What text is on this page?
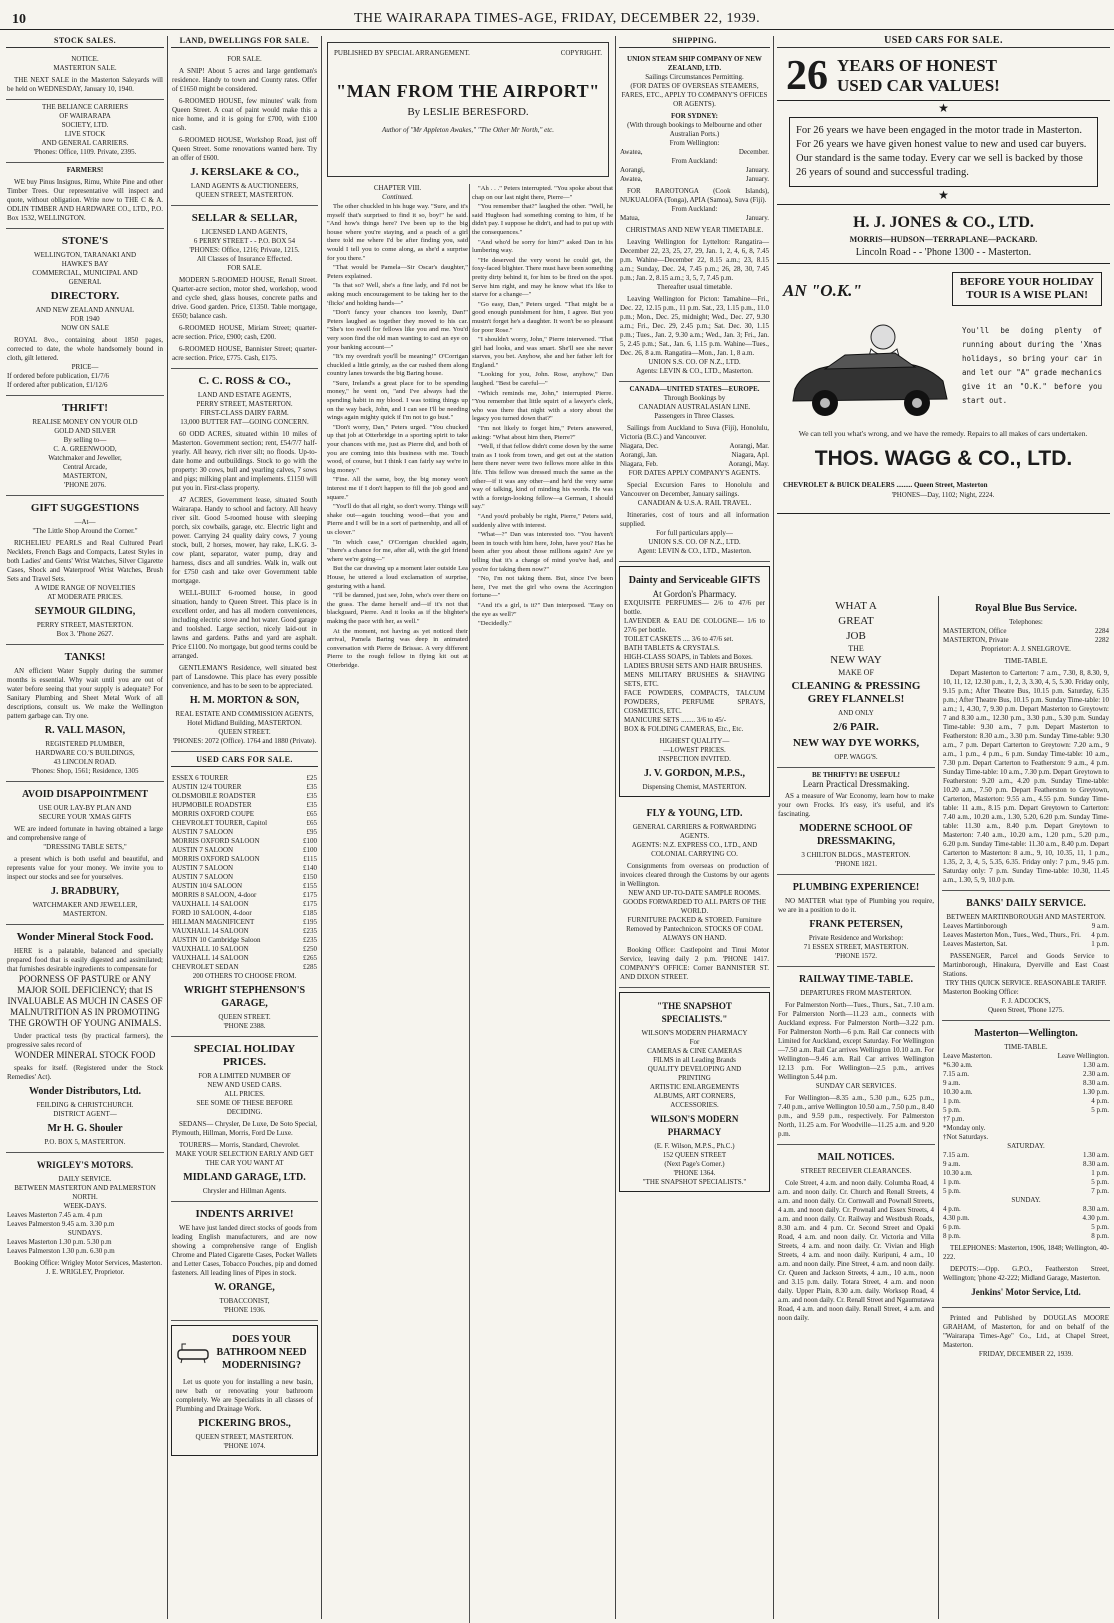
10	THE WAIRARAPA TIMES-AGE, FRIDAY, DECEMBER 22, 1939.
STOCK SALES.
NOTICE.
MASTERTON SALE.
THE NEXT SALE in the Masterton Saleyards will be held on WEDNESDAY, January 10, 1940.
THE BELIANCE CARRIERS
OF WAIRARAPA
SOCIETY, LTD.
LIVE STOCK
AND GENERAL CARRIERS.
'Phones: Office, 1109. Private, 2395.
FARMERS!
WE buy Pinus Insignus, Rimu, White Pine and other Timber Trees. Our representative will inspect and quote, without obligation. Write now to THE C & A. ODLIN TIMBER AND HARDWARE CO., LTD., P.O. Box 1532, WELLINGTON.
STONE'S
WELLINGTON, TARANAKI AND
HAWKE'S BAY
COMMERCIAL, MUNICIPAL AND
GENERAL
DIRECTORY.
AND NEW ZEALAND ANNUAL
FOR 1940
NOW ON SALE
ROYAL 8vo., containing about 1850 pages, corrected to date, the whole handsomely bound in cloth, gilt lettered.
PRICE—
If ordered before publication, £1/7/6
If ordered after publication, £1/12/6
THRIFT!
REALISE MONEY ON YOUR OLD
GOLD AND SILVER
By selling to—
C. A. GREENWOOD,
Watchmaker and Jeweller,
Central Arcade,
MASTERTON,
'PHONE 2076.
GIFT SUGGESTIONS
—At—
"The Little Shop Around the Corner."
RICHELIEU PEARLS and Real Cultured Pearl Necklets, French Bags and Compacts, Latest Styles in both Ladies' and Gents' Wrist Watches, Silver Cigarette Cases, Shock and Waterproof Wrist Watches, Brush Sets and Travel Sets.
A WIDE RANGE OF NOVELTIES
AT MODERATE PRICES.
SEYMOUR GILDING,
PERRY STREET, MASTERTON.
Box 3. 'Phone 2627.
TANKS!
AN efficient Water Supply during the summer months is essential. Why wait until you are out of water before seeing that your supply is adequate? For Sanitary Plumbing and Sheet Metal Work of all descriptions, consult us. We make the Wellington pattern garbage can. Try one.
R. VALL MASON,
REGISTERED PLUMBER,
HARDWARE CO.'S BUILDINGS,
43 LINCOLN ROAD.
'Phones: Shop, 1561; Residence, 1305
AVOID DISAPPOINTMENT
USE OUR LAY-BY PLAN AND
SECURE YOUR 'XMAS GIFTS
WE are indeed fortunate in having obtained a large and comprehensive range of
"DRESSING TABLE SETS,"
a present which is both useful and beautiful, and represents value for your money. We invite you to inspect our stocks and see for yourselves.
J. BRADBURY,
WATCHMAKER AND JEWELLER,
MASTERTON.
Wonder Mineral Stock Food.
HERE is a palatable, balanced and specially prepared food that is easily digested and assimilated; that furnishes desirable ingredients to compensate for
POORNESS OF PASTURE or ANY MAJOR SOIL DEFICIENCY; that IS INVALUABLE AS MUCH IN CASES OF MALNUTRITION AS IN PROMOTING THE GROWTH OF YOUNG ANIMALS.
Under practical tests (by practical farmers), the progressive sales record of
WONDER MINERAL STOCK FOOD
speaks for itself. (Registered under the Stock Remedies' Act).
Wonder Distributors, Ltd.
FEILDING & CHRISTCHURCH.
DISTRICT AGENT—
Mr H. G. Shouler
P.O. BOX 5, MASTERTON.
WRIGLEY'S MOTORS.
DAILY SERVICE.
BETWEEN MASTERTON AND PALMERSTON NORTH.
WEEK-DAYS.
Leaves Masterton 7.45 a.m. 4 p.m
Leaves Palmerston 9.45 a.m. 3.30 p.m
SUNDAYS.
Leaves Masterton 1.30 p.m. 5.30 p.m
Leaves Palmerston 1.30 p.m. 6.30 p.m
Booking Office: Wrigley Motor Services, Masterton.
J. E. WRIGLEY, Proprietor.
LAND, DWELLINGS FOR SALE.
FOR SALE.
A SNIP! About 5 acres and large gentleman's residence. Handy to town and County rates. Offer of £1650 might be considered.
6-ROOMED HOUSE, few minutes' walk from Queen Street. A coat of paint would make this a nice home, and it is going for £700, with £100 cash.
6-ROOMED HOUSE, Workshop Road, just off Queen Street. Some renovations wanted here. Try an offer of £600.
J. KERSLAKE & CO.,
LAND AGENTS & AUCTIONEERS,
QUEEN STREET, MASTERTON.
SELLAR & SELLAR,
LICENSED LAND AGENTS,
6 PERRY STREET - - P.O. BOX 54
'PHONES: Office, 1216; Private, 1215.
All Classes of Insurance Effected.
FOR SALE.
MODERN 5-ROOMED HOUSE, Renall Street. Quarter-acre section, motor shed, workshop, wood and cycle shed, glass houses, concrete paths and drive. Good garden. Price, £1350. Table mortgage, £650; balance cash.
6-ROOMED HOUSE, Miriam Street; quarter-acre section. Price, £900; cash, £200.
6-ROOMED HOUSE, Bannister Street; quarter-acre section. Price, £775. Cash, £175.
C. C. ROSS & CO.,
LAND AND ESTATE AGENTS,
PERRY STREET, MASTERTON.
FIRST-CLASS DAIRY FARM.
13,000 BUTTER FAT—GOING CONCERN.
60 ODD ACRES, situated within 10 miles of Masterton. Government section; rent, £54/7/7 half-yearly. All heavy, rich river silt; no floods. Up-to-date home and outbuildings. Stock to go with the property: 30 cows, bull and yearling calves, 7 sows and pigs; milking plant and implements. £1150 will put you in. First-class property.
47 ACRES, Government lease, situated South Wairarapa. Handy to school and factory. All heavy river silt. Good 5-roomed house with sleeping porch, six cowbails, garage, etc. Electric light and power. Carrying 24 quality dairy cows, 7 young stock, bull, 2 horses, mower, hay rake, L.K.G. 3-cow plant, separator, water pump, dray and harness, discs and all sundries. Walk in, walk out for £750 cash and take over Government table mortgage.
WELL-BUILT 6-roomed house, in good situation, handy to Queen Street. This place is in excellent order, and has all modern conveniences, including electric stove and hot water. Good garage and toolshed. Large section, nicely laid-out in lawns and gardens. Paths and yard are asphalt. Price £1100. No mortgage, but good terms could be arranged.
GENTLEMAN'S Residence, well situated best part of Lansdowne. This place has every possible convenience, and has to be seen to be appreciated.
H. M. MORTON & SON,
REAL ESTATE AND COMMISSION AGENTS,
Hotel Midland Building, MASTERTON.
QUEEN STREET.
'PHONES: 2072 (Office). 1764 and 1880 (Private).
USED CARS FOR SALE.
ESSEX 6 TOURER	£25
AUSTIN 12/4 TOURER	£35
OLDSMOBILE ROADSTER	£35
HUPMOBILE ROADSTER	£35
MORRIS OXFORD COUPE	£65
CHEVROLET TOURER, Capitol	£65
AUSTIN 7 SALOON	£95
MORRIS OXFORD SALOON	£100
AUSTIN 7 SALOON	£100
MORRIS OXFORD SALOON	£115
AUSTIN 7 SALOON	£140
AUSTIN 7 SALOON	£150
AUSTIN 10/4 SALOON	£155
MORRIS 8 SALOON, 4-door	£175
VAUXHALL 14 SALOON	£175
FORD 10 SALOON, 4-door	£185
HILLMAN MAGNIFICENT	£195
VAUXHALL 14 SALOON	£235
AUSTIN 10 Cambridge Saloon	£235
VAUXHALL 10 SALOON	£250
VAUXHALL 14 SALOON	£265
CHEVROLET SEDAN	£285
200 OTHERS TO CHOOSE FROM.
WRIGHT STEPHENSON'S GARAGE,
QUEEN STREET.
'PHONE 2388.
SPECIAL HOLIDAY PRICES.
FOR A LIMITED NUMBER OF
NEW AND USED CARS.
ALL PRICES.
SEE SOME OF THESE BEFORE
DECIDING.
SEDANS— Chrysler, De Luxe, De Soto Special, Plymouth, Hillman, Morris, Ford De Luxe.
TOURERS— Morris, Standard, Chevrolet.
MAKE YOUR SELECTION EARLY AND GET THE CAR YOU WANT AT
MIDLAND GARAGE, LTD.
Chrysler and Hillman Agents.
INDENTS ARRIVE!
WE have just landed direct stocks of goods from leading English manufacturers, and are now showing a comprehensive range of English Chrome and Plated Cigarette Cases, Pocket Wallets and Letter Cases, Tobacco Pouches, pip and domed fasteners. All leading lines of Pipes in stock.
W. ORANGE,
TOBACCONIST,
'PHONE 1936.
DOES YOUR BATHROOM NEED MODERNISING?
Let us quote you for installing a new basin, new bath or renovating your bathroom completely. We are Specialists in all classes of Plumbing and Drainage Work.
PICKERING BROS.,
QUEEN STREET, MASTERTON.
'PHONE 1074.
PUBLISHED BY SPECIAL ARRANGEMENT.	COPYRIGHT.
"MAN FROM THE AIRPORT"
By LESLIE BERESFORD.
Author of "Mr Appleton Awakes," "The Other Mr North," etc.
CHAPTER VIII.
Continued.
The other chuckled in his huge way. "Sure, and it's myself that's surprised to find it so, boy!" he said. "And how's things here? I've been up to the big house where you're staying, and a peach of a girl there told me where I'd be after finding you, said would I tell you to come along, as she'd a surprise for you there."
"That would be Pamela—Sir Oscar's daughter," Peters explained.
"Is that so? Well, she's a fine lady, and I'd not be asking much encouragement to be taking her to the 'flicks' and holding hands—"
"Don't fancy your chances too keenly, Dan!" Peters laughed as together they moved to his car. "She's too swell for fellows like you and me. You'd very soon find the old man wanting to cast an eye on your banking account—"
"It's my overdraft you'll be meaning!" O'Corrigan chuckled a little grimly, as the car rushed them along country lanes towards the big Baring house.
"Sure, Ireland's a great place for to be spending money," he went on, "and I've always had the spending habit in my blood. I was totting things up on the way back, John, and I can see I'll be needing wings again mighty quick if I'm not to go bust."
"Don't worry, Dan," Peters urged. "You chucked up that job at Otterbridge in a sporting spirit to take your chances with me, just as Pierre did, and both of you are coming into this business with me. Touch wood, of course, but I think I can fairly say we're in big money."
"Fine. All the same, boy, the big money won't interest me if I don't happen to fill the job good and square."
"You'll do that all right, so don't worry. Things will shake out—again touching wood—that you and Pierre and I will be in a sort of partnership, and all of us clover."
"In which case," O'Corrigan chuckled again, "there's a chance for me, after all, with the girl friend where we're going—"
But the car drawing up a moment later outside Lea House, he uttered a loud exclamation of surprise, gesturing with a hand.
"I'll be damned, just see, John, who's over there on the grass. The dame herself and—if it's not that blackguard, Pierre. And it looks as if the blighter's making the pace with her, as well."
At the moment, not having as yet noticed their arrival, Pamela Baring was deep in animated conversation with Pierre de Brissac. A very different Pierre to the rough fellow in flying kit out at Otterbridge.
"Ah . . ." Peters interrupted. "You spoke about that chap on our last night there, Pierre—"
"You remember that?" laughed the other. "Well, he said Hughson had something coming to him, if he didn't pay. I suppose he didn't, and had to put up with the consequences."
"And who'd be sorry for him?" asked Dan in his lumbering way.
"He deserved the very worst he could get, the foxy-faced blighter. There must have been something pretty dirty behind it, for him to be fired on the spot. Serve him right, and may he know what it's like to starve for a change—"
"Go easy, Dan," Peters urged. "That might be a good enough punishment for him, I agree. But you mustn't forget he's a daughter. It won't be so pleasant for poor Rose."
"I shouldn't worry, John," Pierre intervened. "That girl had looks, and was smart. She'll see she never starves, you bet. Anyhow, she and her father left for England."
"Looking for you, John. Rose, anyhow," Dan laughed. "Best be careful—"
"Which reminds me, John," interrupted Pierre. "You remember that little squirt of a lawyer's clerk, who was there that night with a story about the legacy you turned down that?"
"I'm not likely to forget him," Peters answered, asking: "What about him then, Pierre?"
"Well, if that fellow didn't come down by the same train as I took from town, and get out at the station here there never were two fellows more alike in this life. This fellow was dressed much the same as the other—if it was any other—and he'd the very same way of talking, kind of minding his words. He was with a foreign-looking fellow—a German, I should say."
"And you'd probably be right, Pierre," Peters said, suddenly alive with interest.
"What—?" Dan was interested too. "You haven't been in touch with him here, John, have you? Has he been after you about those millions again? Are ye telling that it's a change of mind you've had, and you're for taking them now?"
"No, I'm not taking them. But, since I've been here, I've met the girl who owns the Accrington fortune—"
"And it's a girl, is it?" Dan interposed. "Easy on the eye as well?"
"Decidedly."
SHIPPING.
UNION STEAM SHIP COMPANY OF NEW ZEALAND, LTD.
Sailings Circumstances Permitting.
(FOR DATES OF OVERSEAS STEAMERS, FARES, ETC., APPLY TO COMPANY'S OFFICES OR AGENTS).
FOR SYDNEY:
(With through bookings to Melbourne and other Australian Ports.)
From Wellington:
Awatea,	December.
From Auckland:
Aorangi,	January.
Awatea,	January.
FOR RAROTONGA (Cook Islands), NUKUALOFA (Tonga), APIA (Samoa), Suva (Fiji).
From Auckland:
Matua,	January.
CHRISTMAS AND NEW YEAR TIMETABLE.
Leaving Wellington for Lyttelton: Rangatira—December 22, 23, 25, 27, 29, Jan. 1, 2, 4, 6, 8, 7.45 p.m. Wahine—December 22, 8.15 a.m.; 23, 8.15 a.m.; Sunday, Dec. 24, 7.45 p.m.; 26, 28, 30, 7.45 p.m.; Jan. 2, 8.15 a.m.; 3, 5, 7, 7.45 p.m.
Thereafter usual timetable.
Leaving Wellington for Picton: Tamahine—Fri., Dec. 22, 12.15 p.m., 11 p.m. Sat., 23, 1.15 p.m., 11.0 p.m.; Mon., Dec. 25, midnight; Wed., Dec. 27, 9.30 a.m.; Fri., Dec. 29, 2.45 p.m.; Sat. Dec. 30, 1.15 p.m.; Tues., Jan. 2, 9.30 a.m.; Wed., Jan. 3; Fri., Jan. 5, 2.45 p.m.; Sat., Jan. 6, 1.15 p.m. Wahine—Tues., Dec. 26, 8 a.m. Rangatira—Mon., Jan. 1, 8 a.m.
UNION S.S. CO. OF N.Z., LTD.
Agents: LEVIN & CO., LTD., Masterton.
CANADA—UNITED STATES—EUROPE.
Through Bookings by
CANADIAN AUSTRALASIAN LINE.
Passengers in Three Classes.
Sailings from Auckland to Suva (Fiji), Honolulu, Victoria (B.C.) and Vancouver.
Niagara, Dec.	Aorangi, Mar.
Aorangi, Jan.	Niagara, Apl.
Niagara, Feb.	Aorangi, May.
FOR DATES APPLY COMPANY'S AGENTS.
Special Excursion Fares to Honolulu and Vancouver on December, January sailings.
CANADIAN & U.S.A. RAIL TRAVEL.
Itineraries, cost of tours and all information supplied.
For full particulars apply—
UNION S.S. CO. OF N.Z., LTD.
Agent: LEVIN & CO., LTD., Masterton.
Dainty and Serviceable GIFTS
At Gordon's Pharmacy.
EXQUISITE PERFUMES— 2/6 to 47/6 per bottle.
LAVENDER & EAU DE COLOGNE— 1/6 to 27/6 per bottle.
TOILET CASKETS .... 3/6 to 47/6 set.
BATH TABLETS & CRYSTALS.
HIGH-CLASS SOAPS, in Tablets and Boxes.
LADIES BRUSH SETS AND HAIR BRUSHES.
MENS MILITARY BRUSHES & SHAVING SETS, ETC.
FACE POWDERS, COMPACTS, TALCUM POWDERS, PERFUME SPRAYS, COSMETICS, ETC.
MANICURE SETS ........ 3/6 to 45/-
BOX & FOLDING CAMERAS, Etc., Etc.
HIGHEST QUALITY—
—LOWEST PRICES.
INSPECTION INVITED.
J. V. GORDON, M.P.S.,
Dispensing Chemist, MASTERTON.
FLY & YOUNG, LTD.
GENERAL CARRIERS & FORWARDING AGENTS.
AGENTS: N.Z. EXPRESS CO., LTD., AND COLONIAL CARRYING CO.
Consignments from overseas on production of invoices cleared through the Customs by our agents in Wellington.
NEW AND UP-TO-DATE SAMPLE ROOMS.
GOODS FORWARDED TO ALL PARTS OF THE WORLD.
FURNITURE PACKED & STORED. Furniture Removed by Pantechnicon. STOCKS OF COAL ALWAYS ON HAND.
Booking Office: Castlepoint and Tinui Motor Service, leaving daily 2 p.m. 'PHONE 1417. COMPANY'S OFFICE: Corner BANNISTER ST. AND DIXON STREET.
"THE SNAPSHOT SPECIALISTS."
WILSON'S MODERN PHARMACY
For
CAMERAS & CINE CAMERAS
FILMS in all Leading Brands
QUALITY DEVELOPING AND
PRINTING
ARTISTIC ENLARGEMENTS
ALBUMS, ART CORNERS,
ACCESSORIES.
WILSON'S MODERN PHARMACY
(E. F. Wilson, M.P.S., Ph.C.)
152 QUEEN STREET
(Next Page's Corner.)
'PHONE 1364.
"THE SNAPSHOT SPECIALISTS."
USED CARS FOR SALE.
26 YEARS OF HONEST
USED CAR VALUES!
★
For 26 years we have been engaged in the motor trade in Masterton. For 26 years we have given honest value to new and used car buyers. Our standard is the same today. Every car we sell is backed by those 26 years of sound and successful trading.
★
H. J. JONES & CO., LTD.
MORRIS—HUDSON—TERRAPLANE—PACKARD.
Lincoln Road - - 'Phone 1300 - - Masterton.
AN "O.K."	BEFORE YOUR HOLIDAY TOUR IS A WISE PLAN!
You'll be doing plenty of running about during the 'Xmas holidays, so bring your car in and let our "A" grade mechanics give it an "O.K." before you start out.
We can tell you what's wrong, and we have the remedy. Repairs to all makes of cars undertaken.
THOS. WAGG & CO., LTD.
CHEVROLET & BUICK DEALERS ......... Queen Street, Masterton
'PHONES—Day, 1102; Night, 2224.
WHAT A
GREAT
JOB
THE
NEW WAY
MAKE OF
CLEANING & PRESSING GREY FLANNELS!
AND ONLY
2/6 PAIR.
NEW WAY DYE WORKS,
OPP. WAGG'S.
BE THRIFTY! BE USEFUL!
Learn Practical Dressmaking.
AS a measure of War Economy, learn how to make your own Frocks. It's easy, it's useful, and it's fascinating.
MODERNE SCHOOL OF DRESSMAKING,
3 CHILTON BLDGS., MASTERTON.
'PHONE 1821.
PLUMBING EXPERIENCE!
NO MATTER what type of Plumbing you require, we are in a position to do it.
FRANK PETERSEN,
Private Residence and Workshop:
71 ESSEX STREET, MASTERTON.
'PHONE 1572.
RAILWAY TIME-TABLE.
DEPARTURES FROM MASTERTON.
For Palmerston North—Tues., Thurs., Sat., 7.10 a.m. For Palmerston North—11.23 a.m., connects with Auckland express. For Palmerston North—3.22 p.m. For Palmerston North—6 p.m. Rail Car connects with Limited for Auckland, except Saturday. For Wellington—7.50 a.m. Rail Car arrives Wellington 10.10 a.m. For Wellington—9.46 a.m. Rail Car arrives Wellington 12.13 p.m. For Wellington—2.5 p.m., arrives Wellington 5.44 p.m.
SUNDAY CAR SERVICES.
For Wellington—8.35 a.m., 5.30 p.m., 6.25 p.m., 7.40 p.m., arrive Wellington 10.50 a.m., 7.50 p.m., 8.40 p.m., and 9.59 p.m., respectively. For Palmerston North, 11.25 a.m. For Woodville—11.25 a.m. and 9.20 p.m.
MAIL NOTICES.
STREET RECEIVER CLEARANCES.
Cole Street, 4 a.m. and noon daily. Columba Road, 4 a.m. and noon daily. Cr. Church and Renall Streets, 4 a.m. and noon daily. Cr. Cornwall and Pownall Streets, 4 a.m. and noon daily. Cr. Pownall and Essex Streets, 4 a.m. and noon daily. Cr. Railway and Westbush Roads, 8.30 a.m. and 4 p.m. Cr. Second Street and Opaki Road, 4 a.m. and noon daily. Cr. Victoria and Villa Streets, 4 a.m. and noon daily. Cr. Vivian and High Streets, 4 a.m. and noon daily. Kuripuni, 4 a.m., 10 a.m. and noon daily. Pine Street, 4 a.m. and noon daily. Cr. Queen and Jackson Streets, 4 a.m., 10 a.m., noon and 3.15 p.m. daily. Totara Street, 4 a.m. and noon daily. Upper Plain, 8.30 a.m. daily. Worksop Road, 4 a.m. and noon daily. Cr. Renall Street and Ngaumutawa Road, 4 a.m. and noon daily. Renall Street, 4 a.m. and noon daily.
Royal Blue Bus Service.
Telephones:
MASTERTON, Office	2284
MASTERTON, Private	2282
Proprietor: A. J. SNELGROVE.
TIME-TABLE.
Depart Masterton to Carterton: 7 a.m., 7.30, 8, 8.30, 9, 10, 11, 12, 12.30 p.m., 1, 2, 3, 3.30, 4, 5, 5.30. Friday only, 9.15 p.m.; After Theatre Bus, 10.15 p.m. Saturday, 6.35 p.m.; After Theatre Bus, 10.15 p.m. Sunday Time-table: 10 a.m.; 1, 4.30, 7, 9.30 p.m. Depart Masterton to Greytown: 7 and 8.30 a.m., 12.30 p.m., 3.30 p.m., 5.30 p.m. Sunday Time-table: 9.30 a.m., 7 p.m. Depart Masterton to Featherston: 8.30 a.m., 3.30 p.m. Sunday Time-table: 9.30 a.m., 7 p.m. Depart Carterton to Greytown: 7.20 a.m., 9 a.m., 1 p.m., 4 p.m., 6 p.m. Sunday Time-table: 10 a.m., 7.30 p.m. Depart Carterton to Featherston: 9 a.m., 4 p.m. Sunday Time-table: 10 a.m., 7.30 p.m. Depart Greytown to Featherston: 9.20 a.m., 4.20 p.m. Sunday Time-table: 10.20 a.m., 7.50 p.m. Depart Featherston to Greytown, Carterton, Masterton: 9.55 a.m., 4.55 p.m. Sunday Time-table: 11 a.m., 8.15 p.m. Depart Greytown to Carterton: 7.40 a.m., 10.20 a.m., 1.30, 5.20, 6.20 p.m. Sunday Time-table: 11.30 a.m., 8.40 p.m. Depart Greytown to Masterton: 7.40 a.m., 10.20 a.m., 1.20 p.m., 5.20 p.m., 6.20 p.m. Sunday Time-table: 11.30 a.m., 8.40 p.m. Depart Carterton to Masterton: 8 a.m., 9, 10, 10.35, 11, 1 p.m., 1.35, 2, 3, 4, 5, 5.35, 6.35. Friday only: 7 p.m., 9.45 p.m. Saturday only: 7 p.m. Sunday Time-table: 10.30, 11.45 a.m., 1.30, 5, 9, 10.0 p.m.
BANKS' DAILY SERVICE.
BETWEEN MARTINBOROUGH AND MASTERTON.
Leaves Martinborough	9 a.m.
Leaves Masterton Mon., Tues., Wed., Thurs., Fri. 4 p.m.
Leaves Masterton, Sat.	1 p.m.
PASSENGER, Parcel and Goods Service to Martinborough, Hinakura, Dyerville and East Coast Stations.
TRY THIS QUICK SERVICE. REASONABLE TARIFF.
Masterton Booking Office:
F. J. ADCOCK'S,
Queen Street, 'Phone 1275.
Masterton—Wellington.
TIME-TABLE.
Leave Masterton.	Leave Wellington.
*6.30 a.m.	1.30 a.m.
7.15 a.m.	2.30 a.m.
9 a.m.	8.30 a.m.
10.30 a.m.	1.30 p.m.
1 p.m.	4 p.m.
5 p.m.	5 p.m.
†7 p.m.
*Monday only.
†Not Saturdays.
SATURDAY.
7.15 a.m.	1.30 a.m.
9 a.m.	8.30 a.m.
10.30 a.m.	1 p.m.
1 p.m.	5 p.m.
5 p.m.	7 p.m.
SUNDAY.
4 p.m.	8.30 a.m.
4.30 p.m.	4.30 p.m.
6 p.m.	5 p.m.
8 p.m.	8 p.m.
TELEPHONES: Masterton, 1906, 1848; Wellington, 40-222.
DEPOTS:—Opp. G.P.O., Featherston Street, Wellington; 'phone 42-222; Midland Garage, Masterton.
Jenkins' Motor Service, Ltd.
Printed and Published by DOUGLAS MOORE GRAHAM, of Masterton, for and on behalf of the "Wairarapa Times-Age" Co., Ltd., at Chapel Street, Masterton.
FRIDAY, DECEMBER 22, 1939.
